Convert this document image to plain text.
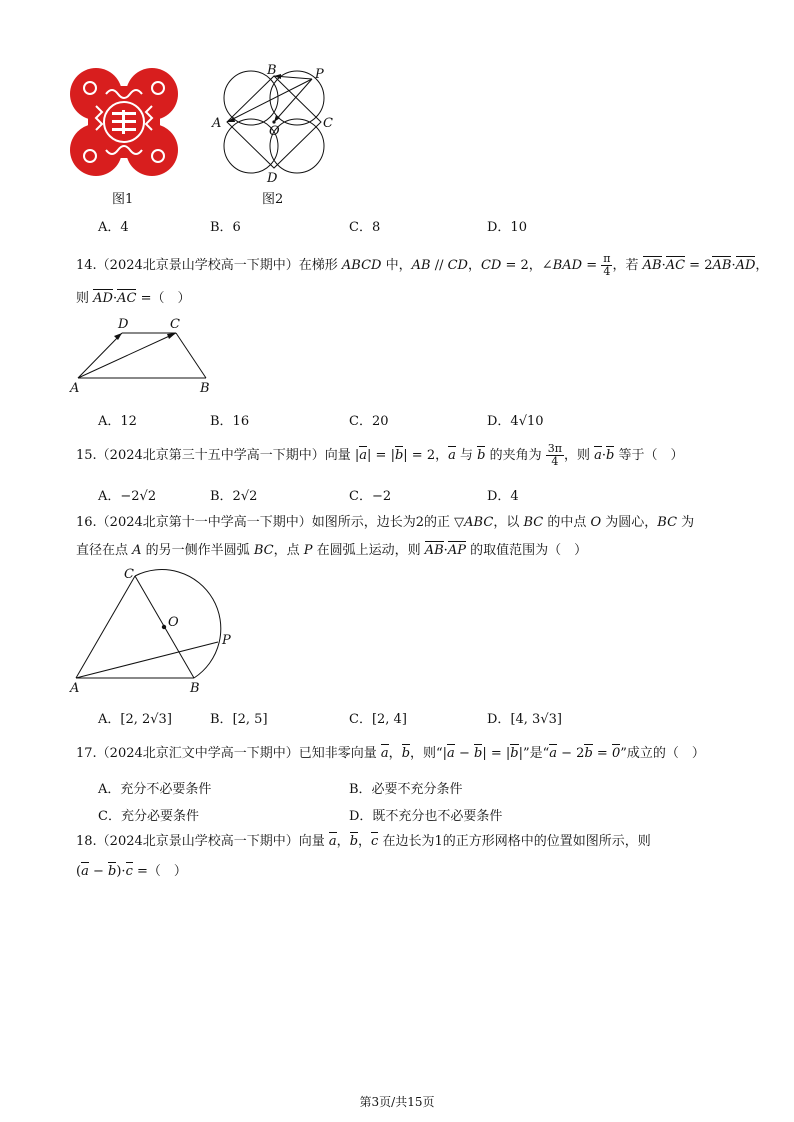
图1
B	P
A
O
C
D
图2
A．4	B．6	C．8	D．10
14.（2024北京景山学校高一下期中）在梯形 ABCD 中，AB // CD，CD = 2，∠BAD = $\frac{\pi}{4}$ ，若 AB·AC = 2AB·AD，
则 AD·AC =（　）
D	C
A	B
A．12	B．16	C．20	D．4√10
15.（2024北京第三十五中学高一下期中）向量 |a| = |b| = 2，a 与 b 的夹角为 $\frac{3\pi}{4}$ ，则 a·b 等于（　）
A．−2√2	B．2√2	C．−2	D．4
16.（2024北京第十一中学高一下期中）如图所示，边长为2的正 ▽ABC，以 BC 的中点 O 为圆心，BC 为
直径在点 A 的另一侧作半圆弧 BC，点 P 在圆弧上运动，则 AB·AP 的取值范围为（　）
C
O
P
A	B
A．[2, 2√3]	B．[2, 5]	C．[2, 4]	D．[4, 3√3]
17.（2024北京汇文中学高一下期中）已知非零向量 a，b，则“|a − b| = |b|”是“a − 2b = 0”成立的（　）
A．充分不必要条件	B．必要不充分条件
C．充分必要条件	D．既不充分也不必要条件
18.（2024北京景山学校高一下期中）向量 a，b，c 在边长为1的正方形网格中的位置如图所示，则
(a − b)·c =（　）
第3页/共15页
